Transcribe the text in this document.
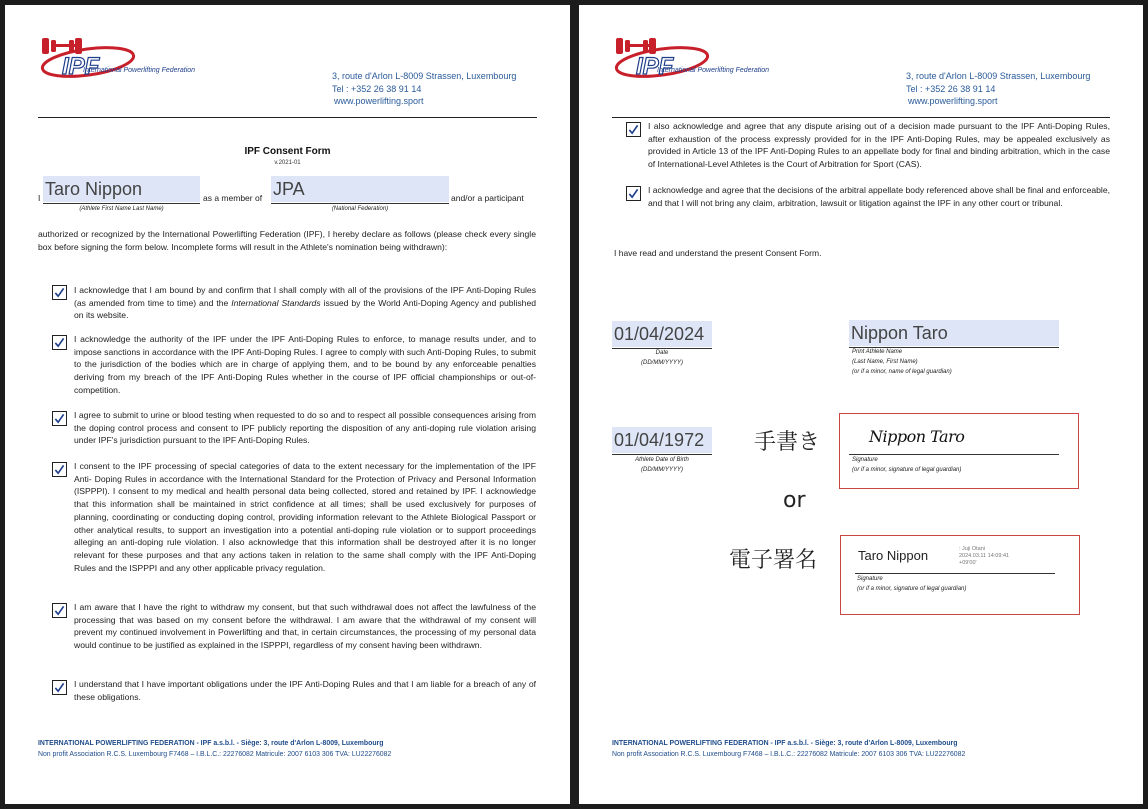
IPF
International Powerlifting Federation
3, route d'Arlon L-8009 Strassen, Luxembourg
Tel : +352 26 38 91 14
www.powerlifting.sport
IPF Consent Form
v.2021-01
I Taro Nippon
(Athlete First Name Last Name)
as a member of JPA
(National Federation)
and/or a participant
authorized or recognized by the International Powerlifting Federation (IPF), I hereby declare as follows (please check every single box before signing the form below. Incomplete forms will result in the Athlete's nomination being withdrawn):
I acknowledge that I am bound by and confirm that I shall comply with all of the provisions of the IPF Anti-Doping Rules (as amended from time to time) and the International Standards issued by the World Anti-Doping Agency and published on its website.
I acknowledge the authority of the IPF under the IPF Anti-Doping Rules to enforce, to manage results under, and to impose sanctions in accordance with the IPF Anti-Doping Rules. I agree to comply with such Anti-Doping Rules, to submit to the jurisdiction of the bodies which are in charge of applying them, and to be bound by any enforceable penalties deriving from my breach of the IPF Anti-Doping Rules whether in the course of IPF official championships or out-of-competition.
I agree to submit to urine or blood testing when requested to do so and to respect all possible consequences arising from the doping control process and consent to IPF publicly reporting the disposition of any anti-doping rule violation arising under IPF's jurisdiction pursuant to the IPF Anti-Doping Rules.
I consent to the IPF processing of special categories of data to the extent necessary for the implementation of the IPF Anti- Doping Rules in accordance with the International Standard for the Protection of Privacy and Personal Information (ISPPPI). I consent to my medical and health personal data being collected, stored and retained by IPF. I acknowledge that this information shall be maintained in strict confidence at all times; shall be used exclusively for purposes of planning, coordinating or conducting doping control, providing information relevant to the Athlete Biological Passport or other analytical results, to support an investigation into a potential anti-doping rule violation or to support proceedings alleging an anti-doping rule violation. I also acknowledge that this information shall be destroyed after it is no longer relevant for these purposes and that any actions taken in relation to the same shall comply with the IPF Anti-Doping Rules and the ISPPPI and any other applicable privacy regulation.
I am aware that I have the right to withdraw my consent, but that such withdrawal does not affect the lawfulness of the processing that was based on my consent before the withdrawal. I am aware that the withdrawal of my consent will prevent my continued involvement in Powerlifting and that, in certain circumstances, the processing of my personal data would continue to be justified as explained in the ISPPPI, regardless of my consent having been withdrawn.
I understand that I have important obligations under the IPF Anti-Doping Rules and that I am liable for a breach of any of these obligations.
INTERNATIONAL POWERLIFTING FEDERATION - IPF a.s.b.l. - Siège: 3, route d'Arlon L-8009, Luxembourg
Non profit Association R.C.S. Luxembourg F7468 – I.B.L.C.: 22276082 Matricule: 2007 6103 306 TVA: LU22276082
IPF
International Powerlifting Federation
3, route d'Arlon L-8009 Strassen, Luxembourg
Tel : +352 26 38 91 14
www.powerlifting.sport
I also acknowledge and agree that any dispute arising out of a decision made pursuant to the IPF Anti-Doping Rules, after exhaustion of the process expressly provided for in the IPF Anti-Doping Rules, may be appealed exclusively as provided in Article 13 of the IPF Anti-Doping Rules to an appellate body for final and binding arbitration, which in the case of International-Level Athletes is the Court of Arbitration for Sport (CAS).
I acknowledge and agree that the decisions of the arbitral appellate body referenced above shall be final and enforceable, and that I will not bring any claim, arbitration, lawsuit or litigation against the IPF in any other court or tribunal.
I have read and understand the present Consent Form.
01/04/2024
Date
(DD/MM/YYYY)
Nippon Taro
Print Athlete Name
(Last Name, First Name)
(or if a minor, name of legal guardian)
01/04/1972
Athlete Date of Birth
(DD/MM/YYYY)
手書き
or
電子署名
Nippon Taro
Signature
(or if a minor, signature of legal guardian)
Taro Nippon	: Juji Otani
2024.03.11 14:09:41
+09'00'
Signature
(or if a minor, signature of legal guardian)
INTERNATIONAL POWERLIFTING FEDERATION - IPF a.s.b.l. - Siège: 3, route d'Arlon L-8009, Luxembourg
Non profit Association R.C.S. Luxembourg F7468 – I.B.L.C.: 22276082 Matricule: 2007 6103 306 TVA: LU22276082
